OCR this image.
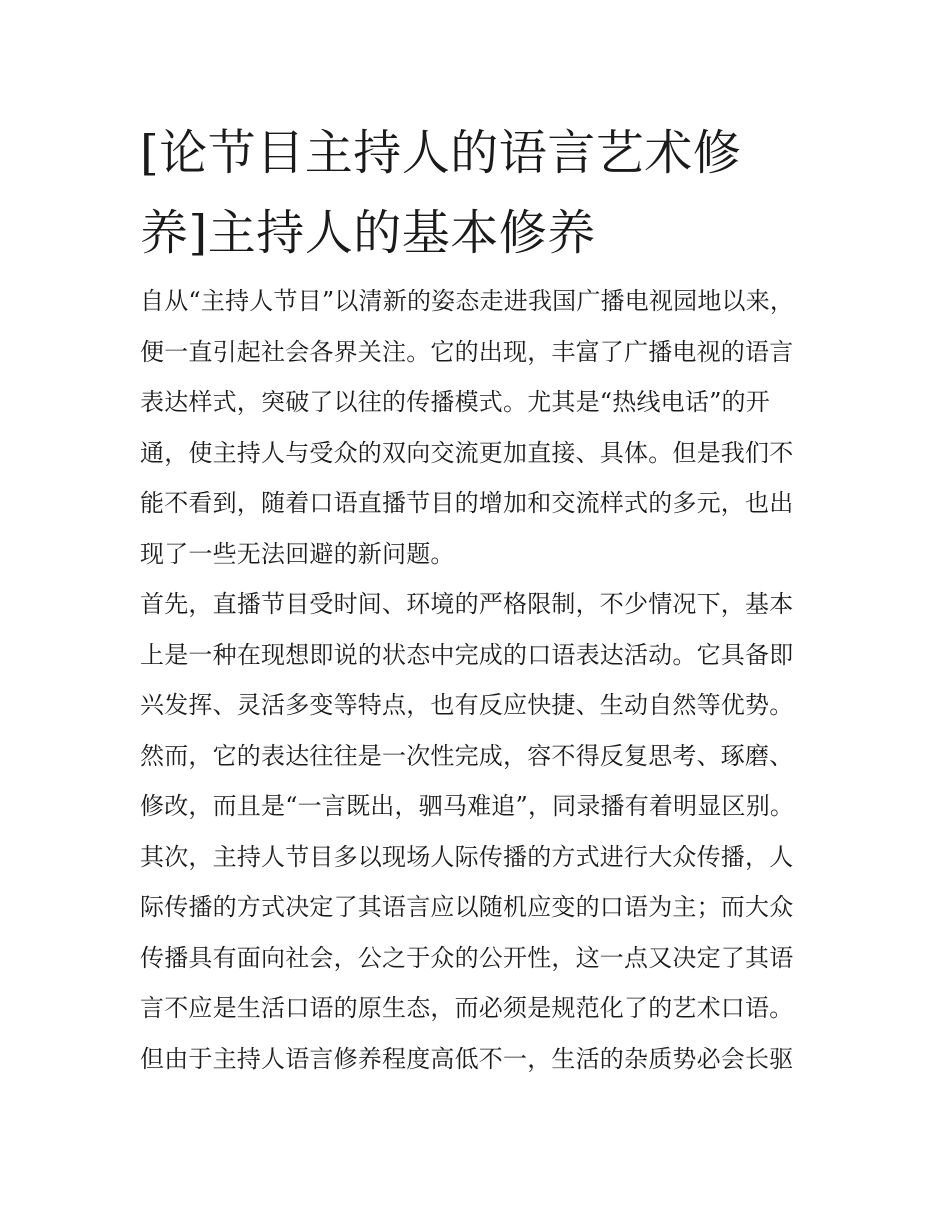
[论节目主持人的语言艺术修
养]主持人的基本修养
自从“主持人节目”以清新的姿态走进我国广播电视园地以来，
便一直引起社会各界关注。它的出现，丰富了广播电视的语言
表达样式，突破了以往的传播模式。尤其是“热线电话”的开
通，使主持人与受众的双向交流更加直接、具体。但是我们不
能不看到，随着口语直播节目的增加和交流样式的多元，也出
现了一些无法回避的新问题。
首先，直播节目受时间、环境的严格限制，不少情况下，基本
上是一种在现想即说的状态中完成的口语表达活动。它具备即
兴发挥、灵活多变等特点，也有反应快捷、生动自然等优势。
然而，它的表达往往是一次性完成，容不得反复思考、琢磨、
修改，而且是“一言既出，驷马难追”，同录播有着明显区别。
其次，主持人节目多以现场人际传播的方式进行大众传播，人
际传播的方式决定了其语言应以随机应变的口语为主；而大众
传播具有面向社会，公之于众的公开性，这一点又决定了其语
言不应是生活口语的原生态，而必须是规范化了的艺术口语。
但由于主持人语言修养程度高低不一，生活的杂质势必会长驱
